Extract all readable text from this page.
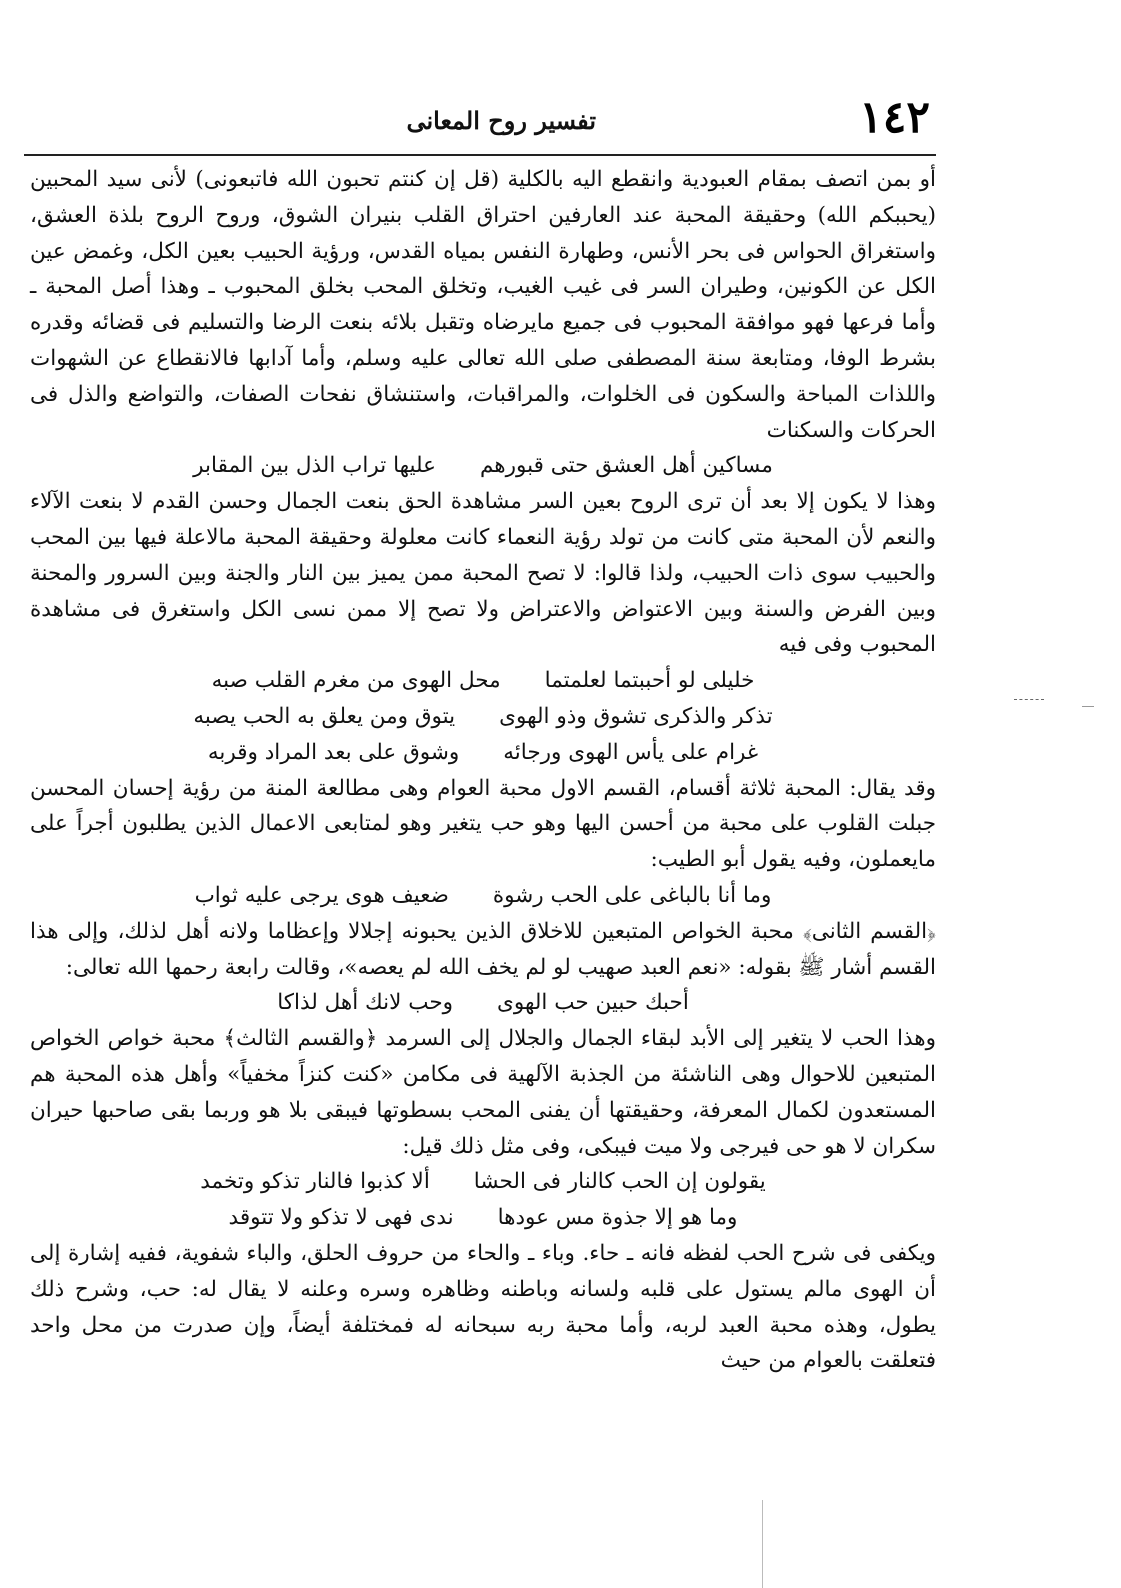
١٤٢
تفسير روح المعانى

أو بمن اتصف بمقام العبودية وانقطع اليه بالكلية (قل إن كنتم تحبون الله فاتبعونى) لأنى سيد المحبين (يحببكم الله) وحقيقة المحبة عند العارفين احتراق القلب بنيران الشوق، وروح الروح بلذة العشق، واستغراق الحواس فى بحر الأنس، وطهارة النفس بمياه القدس، ورؤية الحبيب بعين الكل، وغمض عين الكل عن الكونين، وطيران السر فى غيب الغيب، وتخلق المحب بخلق المحبوب ـ وهذا أصل المحبة ـ وأما فرعها فهو موافقة المحبوب فى جميع مايرضاه وتقبل بلائه بنعت الرضا والتسليم فى قضائه وقدره بشرط الوفا، ومتابعة سنة المصطفى صلى الله تعالى عليه وسلم، وأما آدابها فالانقطاع عن الشهوات واللذات المباحة والسكون فى الخلوات، والمراقبات، واستنشاق نفحات الصفات، والتواضع والذل فى الحركات والسكنات

مساكين أهل العشق حتى قبورهم
عليها تراب الذل بين المقابر

وهذا لا يكون إلا بعد أن ترى الروح بعين السر مشاهدة الحق بنعت الجمال وحسن القدم لا بنعت الآلاء والنعم لأن المحبة متى كانت من تولد رؤية النعماء كانت معلولة وحقيقة المحبة مالاعلة فيها بين المحب والحبيب سوى ذات الحبيب، ولذا قالوا: لا تصح المحبة ممن يميز بين النار والجنة وبين السرور والمحنة وبين الفرض والسنة وبين الاعتواض والاعتراض ولا تصح إلا ممن نسى الكل واستغرق فى مشاهدة المحبوب وفى فيه

خليلى لو أحببتما لعلمتما
محل الهوى من مغرم القلب صبه
تذكر والذكرى تشوق وذو الهوى
يتوق ومن يعلق به الحب يصبه
غرام على يأس الهوى ورجائه
وشوق على بعد المراد وقربه

وقد يقال: المحبة ثلاثة أقسام، القسم الاول محبة العوام وهى مطالعة المنة من رؤية إحسان المحسن جبلت القلوب على محبة من أحسن اليها وهو حب يتغير وهو لمتابعى الاعمال الذين يطلبون أجراً على مايعملون، وفيه يقول أبو الطيب:

وما أنا بالباغى على الحب رشوة
ضعيف هوى يرجى عليه ثواب

﴿القسم الثانى﴾ محبة الخواص المتبعين للاخلاق الذين يحبونه إجلالا وإعظاما ولانه أهل لذلك، وإلى هذا القسم أشار ﷺ بقوله: «نعم العبد صهيب لو لم يخف الله لم يعصه»، وقالت رابعة رحمها الله تعالى:

أحبك حبين حب الهوى
وحب لانك أهل لذاكا

وهذا الحب لا يتغير إلى الأبد لبقاء الجمال والجلال إلى السرمد ﴿والقسم الثالث﴾ محبة خواص الخواص المتبعين للاحوال وهى الناشئة من الجذبة الآلهية فى مكامن «كنت كنزاً مخفياً» وأهل هذه المحبة هم المستعدون لكمال المعرفة، وحقيقتها أن يفنى المحب بسطوتها فيبقى بلا هو وربما بقى صاحبها حيران سكران لا هو حى فيرجى ولا ميت فيبكى، وفى مثل ذلك قيل:

يقولون إن الحب كالنار فى الحشا
ألا كذبوا فالنار تذكو وتخمد
وما هو إلا جذوة مس عودها
ندى فهى لا تذكو ولا تتوقد

ويكفى فى شرح الحب لفظه فانه ـ حاء. وباء ـ والحاء من حروف الحلق، والباء شفوية، ففيه إشارة إلى أن الهوى مالم يستول على قلبه ولسانه وباطنه وظاهره وسره وعلنه لا يقال له: حب، وشرح ذلك يطول، وهذه محبة العبد لربه، وأما محبة ربه سبحانه له فمختلفة أيضاً، وإن صدرت من محل واحد فتعلقت بالعوام من حيث
